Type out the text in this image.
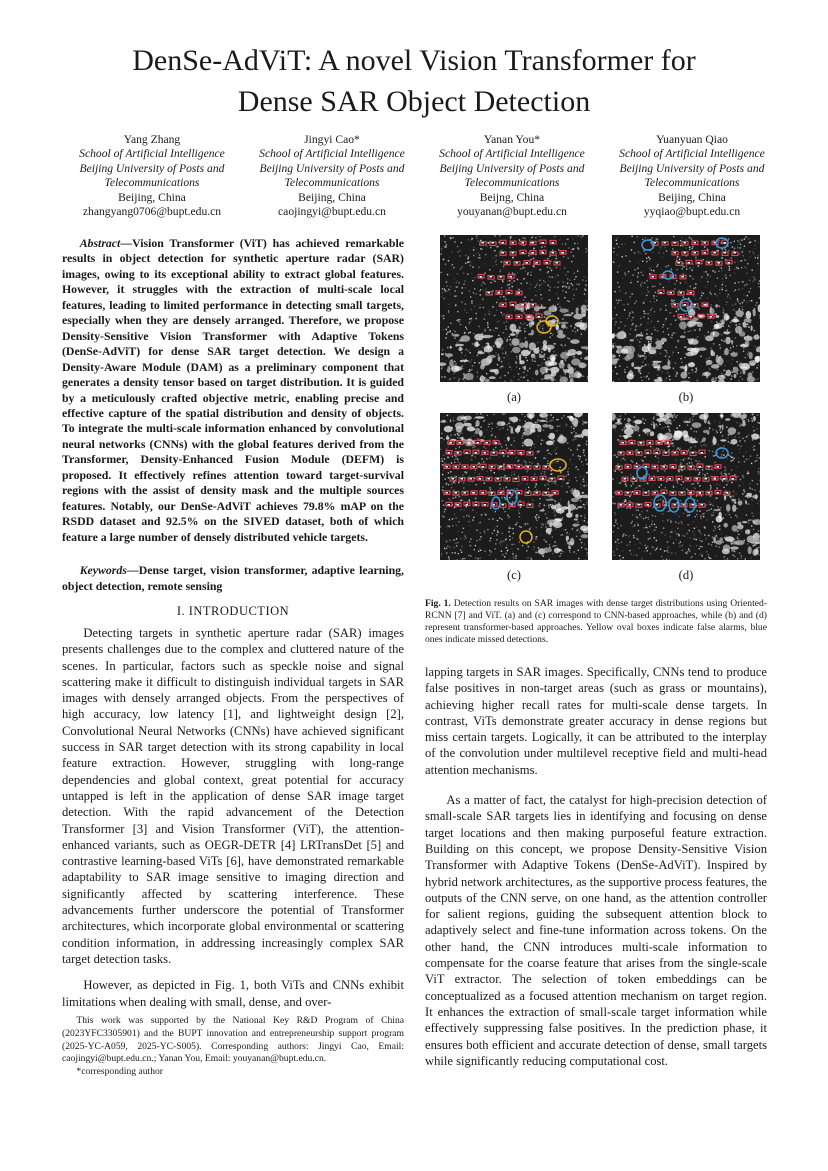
DenSe-AdViT: A novel Vision Transformer for
Dense SAR Object Detection
Yang Zhang
School of Artificial Intelligence
Beijing University of Posts and
Telecommunications
Beijing, China
zhangyang0706@bupt.edu.cn
Jingyi Cao*
School of Artificial Intelligence
Beijing University of Posts and
Telecommunications
Beijing, China
caojingyi@bupt.edu.cn
Yanan You*
School of Artificial Intelligence
Beijing University of Posts and
Telecommunications
Beijng, China
youyanan@bupt.edu.cn
Yuanyuan Qiao
School of Artificial Intelligence
Beijing University of Posts and
Telecommunications
Beijing, China
yyqiao@bupt.edu.cn

Abstract—Vision Transformer (ViT) has achieved remarkable results in object detection for synthetic aperture radar (SAR) images, owing to its exceptional ability to extract global features. However, it struggles with the extraction of multi-scale local features, leading to limited performance in detecting small targets, especially when they are densely arranged. Therefore, we propose Density-Sensitive Vision Transformer with Adaptive Tokens (DenSe-AdViT) for dense SAR target detection. We design a Density-Aware Module (DAM) as a preliminary component that generates a density tensor based on target distribution. It is guided by a meticulously crafted objective metric, enabling precise and effective capture of the spatial distribution and density of objects. To integrate the multi-scale information enhanced by convolutional neural networks (CNNs) with the global features derived from the Transformer, Density-Enhanced Fusion Module (DEFM) is proposed. It effectively refines attention toward target-survival regions with the assist of density mask and the multiple sources features. Notably, our DenSe-AdViT achieves 79.8% mAP on the RSDD dataset and 92.5% on the SIVED dataset, both of which feature a large number of densely distributed vehicle targets.

Keywords—Dense target, vision transformer, adaptive learning, object detection, remote sensing

I. INTRODUCTION

Detecting targets in synthetic aperture radar (SAR) images presents challenges due to the complex and cluttered nature of the scenes. In particular, factors such as speckle noise and signal scattering make it difficult to distinguish individual targets in SAR images with densely arranged objects. From the perspectives of high accuracy, low latency [1], and lightweight design [2], Convolutional Neural Networks (CNNs) have achieved significant success in SAR target detection with its strong capability in local feature extraction. However, struggling with long-range dependencies and global context, great potential for accuracy untapped is left in the application of dense SAR image target detection. With the rapid advancement of the Detection Transformer [3] and Vision Transformer (ViT), the attention-enhanced variants, such as OEGR-DETR [4] LRTransDet [5] and contrastive learning-based ViTs [6], have demonstrated remarkable adaptability to SAR image sensitive to imaging direction and significantly affected by scattering interference. These advancements further underscore the potential of Transformer architectures, which incorporate global environmental or scattering condition information, in addressing increasingly complex SAR target detection tasks.

However, as depicted in Fig. 1, both ViTs and CNNs exhibit limitations when dealing with small, dense, and over-

This work was supported by the National Key R&D Program of China (2023YFC3305901) and the BUPT innovation and entrepreneurship support program (2025-YC-A059, 2025-YC-S005). Corresponding authors: Jingyi Cao, Email: caojingyi@bupt.edu.cn.; Yanan You, Email: youyanan@bupt.edu.cn.

*corresponding author

(a)	(b)
(c)	(d)

Fig. 1. Detection results on SAR images with dense target distributions using Oriented-RCNN [7] and ViT. (a) and (c) correspond to CNN-based approaches, while (b) and (d) represent transformer-based approaches. Yellow oval boxes indicate false alarms, blue ones indicate missed detections.

lapping targets in SAR images. Specifically, CNNs tend to produce false positives in non-target areas (such as grass or mountains), achieving higher recall rates for multi-scale dense targets. In contrast, ViTs demonstrate greater accuracy in dense regions but miss certain targets. Logically, it can be attributed to the interplay of the convolution under multilevel receptive field and multi-head attention mechanisms.

As a matter of fact, the catalyst for high-precision detection of small-scale SAR targets lies in identifying and focusing on dense target locations and then making purposeful feature extraction. Building on this concept, we propose Density-Sensitive Vision Transformer with Adaptive Tokens (DenSe-AdViT). Inspired by hybrid network architectures, as the supportive process features, the outputs of the CNN serve, on one hand, as the attention controller for salient regions, guiding the subsequent attention block to adaptively select and fine-tune information across tokens. On the other hand, the CNN introduces multi-scale information to compensate for the coarse feature that arises from the single-scale ViT extractor. The selection of token embeddings can be conceptualized as a focused attention mechanism on target region. It enhances the extraction of small-scale target information while effectively suppressing false positives. In the prediction phase, it ensures both efficient and accurate detection of dense, small targets while significantly reducing computational cost.
